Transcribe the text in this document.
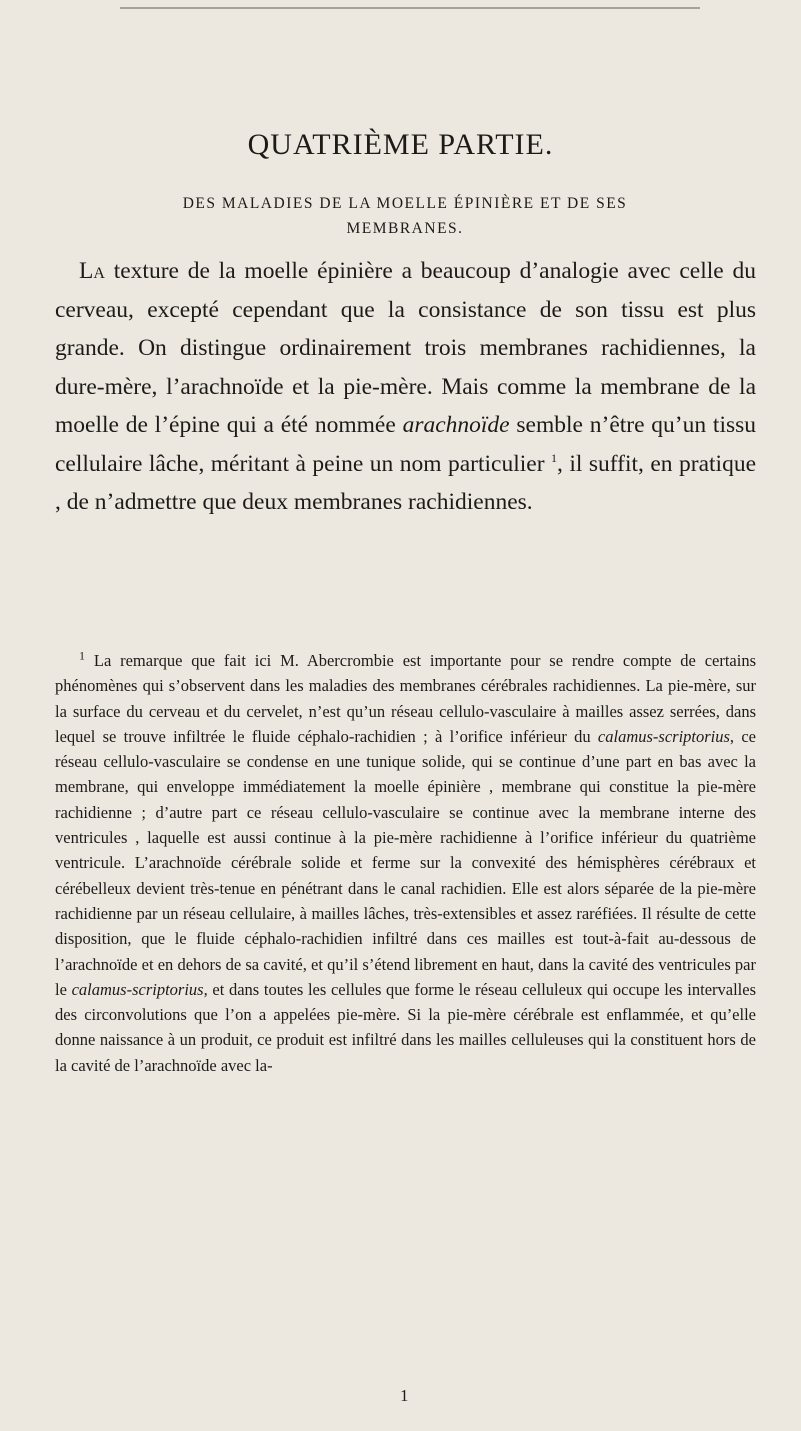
QUATRIÈME PARTIE.
DES MALADIES DE LA MOELLE ÉPINIÈRE ET DE SES
MEMBRANES.

La texture de la moelle épinière a beaucoup d’analogie avec celle du cerveau, excepté cependant que la consistance de son tissu est plus grande. On distingue ordinairement trois membranes rachidiennes, la dure-mère, l’arachnoïde et la pie-mère. Mais comme la membrane de la moelle de l’épine qui a été nommée arachnoïde semble n’être qu’un tissu cellulaire lâche, méritant à peine un nom particulier $^1$, il suffit, en pratique , de n’admettre que deux membranes rachidiennes.

$^1$ La remarque que fait ici M. Abercrombie est importante pour se rendre compte de certains phénomènes qui s’observent dans les maladies des membranes cérébrales rachidiennes. La pie-mère, sur la surface du cerveau et du cervelet, n’est qu’un réseau cellulo-vasculaire à mailles assez serrées, dans lequel se trouve infiltrée le fluide céphalo-rachidien ; à l’orifice inférieur du calamus-scriptorius, ce réseau cellulo-vasculaire se condense en une tunique solide, qui se continue d’une part en bas avec la membrane, qui enveloppe immédiatement la moelle épinière , membrane qui constitue la pie-mère rachidienne ; d’autre part ce réseau cellulo-vasculaire se continue avec la membrane interne des ventricules , laquelle est aussi continue à la pie-mère rachidienne à l’orifice inférieur du quatrième ventricule. L’arachnoïde cérébrale solide et ferme sur la convexité des hémisphères cérébraux et cérébelleux devient très-tenue en pénétrant dans le canal rachidien. Elle est alors séparée de la pie-mère rachidienne par un réseau cellulaire, à mailles lâches, très-extensibles et assez raréfiées. Il résulte de cette disposition, que le fluide céphalo-rachidien infiltré dans ces mailles est tout-à-fait au-dessous de l’arachnoïde et en dehors de sa cavité, et qu’il s’étend librement en haut, dans la cavité des ventricules par le calamus-scriptorius, et dans toutes les cellules que forme le réseau celluleux qui occupe les intervalles des circonvolutions que l’on a appelées pie-mère. Si la pie-mère cérébrale est enflammée, et qu’elle donne naissance à un produit, ce produit est infiltré dans les mailles celluleuses qui la constituent hors de la cavité de l’arachnoïde avec la-

1
